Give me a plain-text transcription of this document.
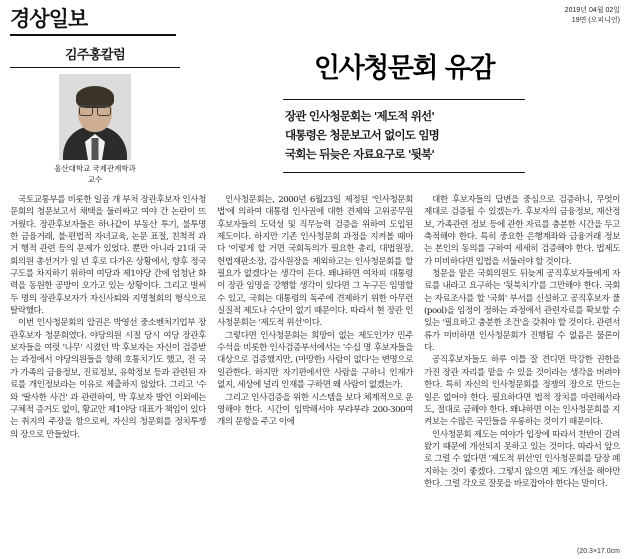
경상일보	2019년 04월 02일
19면 (오피니언)
김주홍칼럼
울산대학교 국제관계학과
교수
인사청문회 유감
장관 인사청문회는 '제도적 위선'
대통령은 청문보고서 없이도 임명
국회는 뒤늦은 자료요구로 '뒷북'

국토교통부를 비롯한 일곱 개 부처 장관후보자 인사청문회의 청문보고서 채택을 둘러싸고 여야 간 논란이 뜨거웠다. 장관후보자들은 하나같이 부동산 투기, 불투명한 금융거래, 불·편법적 자녀교육, 논문 표절, 친척적 과거 행적 관련 등의 문제가 있었다. 뿐만 아니라 21대 국회의원 총선거가 일 년 후로 다가온 상황에서, 향후 정국구도를 차지하기 위하여 여당과 제1야당 간에 엄청난 화력을 동원한 공방이 오가고 있는 상황이다. 그리고 벌써 두 명의 장관후보자가 자신사퇴와 지명철회의 형식으로 탈락했다.

이번 인사청문회의 압권은 박영선 중소벤처기업부 장관후보자 청문회였다. 야당의원 시절 당시 여당 장관후보자들을 여럿 '나무' 시켰던 박 후보자는 자신이 검증받는 과정에서 야당의원들을 향해 호통치기도 했고, 전 국가 가족의 금융정보, 진료정보, 유학정보 등과 관련된 자료를 개인정보라는 이유로 제출하지 않았다. 그리고 '수와 '딸사한 사건' 과 관련하여, 박 후보자 발언 이외에는 구체적 증거도 없이, 황교안 제1야당 대표가 책임이 있다는 취지의 주장을 함으로써, 자신의 청문회를 정치투쟁의 장으로 만들었다.

인사청문회는, 2000년 6월23일 제정된 '인사청문회법'에 의하여 대통령 인사권에 대한 견제와 고위공무원 후보자들의 도덕성 및 직무능력 검증을 위하여 도입된 제도이다. 하지만 기존 인사청문회 과정을 지켜볼 때마다 '이렇게 할 거면 국회독의가 필요한 총리, 대법원장, 헌법재판소장, 감사원장을 제외하고는 인사청문회를 할 필요가 없겠다'는 생각이 든다. 왜냐하면 여차피 대통령이 장관 임명을 강행할 생각이 있다면 그 누구든 임명할 수 있고, 국회는 대통령의 독주에 견제하기 위한 아무런 실질적 제도나 수단이 없기 때문이다. 따라서 현 장관 인사청문회는 '제도적 위선'이다.

그렇다면 인사청문회는 희망이 없는 제도인가? 민주수석을 비롯한 인사검증부서에서는 '수십 명 후보자들을 대상으로 검증했지만, (마땅한) 사람이 없다'는 변명으로 일관한다. 하지만 자기편에서만 사람을 구하니 인재가 없지, 세상에 널리 인재를 구하면 왜 사람이 없겠는가.

그리고 인사검증을 위한 시스템을 보다 체계적으로 운영해야 한다. 시간이 임박해서야 부랴부랴 200-300여 개의 문항을 주고 이에

대한 후보자들의 답변을 중심으로 검증하니, 무엇이 제대로 검증될 수 있겠는가. 후보자의 금융정보, 재산정보, 가족관련 정보 등에 관한 자료를 충분한 시간을 두고 축적해야 한다. 특히 중요한 은행계좌와 금융거래 정보는 본인의 동의를 구하여 세세히 검증해야 한다. 법제도가 미비하다면 입법을 서둘러야 할 것이다.

청문을 맡은 국회의원도 뒤늦게 공직후보자들에게 자료를 내라고 요구하는 '뒷북치기'를 그만해야 한다. 국회는 자료조사를 할 '국회' 부서를 신설하고 공직후보자 풀(pool)을 임정이 정하는 과정에서 관련자료를 확보할 수 있는 '필요하고 충분한 조건'을 갖춰야 할 것이다. 관련서류가 미비하면 인사청문회가 진행될 수 없음은 물론이다.

공직후보자들도 하루 이틀 잘 견디면 막강한 권한을 가진 장관 자리를 맡을 수 있을 것이라는 생각을 버려야 한다. 특히 자신의 인사청문회를 정쟁의 장으로 만드는 일은 없어야 한다. 필요하다면 법적 장치를 마련해서라도, 절대로 금해야 한다. 왜냐하면 이는 인사청문회를 지켜보는 수많은 국민들을 우롱하는 것이기 때문이다.

인사청문회 제도는 여야가 입장에 따라서 찬반이 갈려 왔기 때문에 개선되지 못하고 있는 것이다. 따라서 앞으로 그럴 수 없다면 '제도적 위선'인 인사청문회를 당장 폐지하는 것이 좋겠다. 그렇지 않으면 제도 개선을 해야만 한다. 그럴 각오로 잘못을 바로잡아야 한다는 말이다.

(20.3×17.0cm
